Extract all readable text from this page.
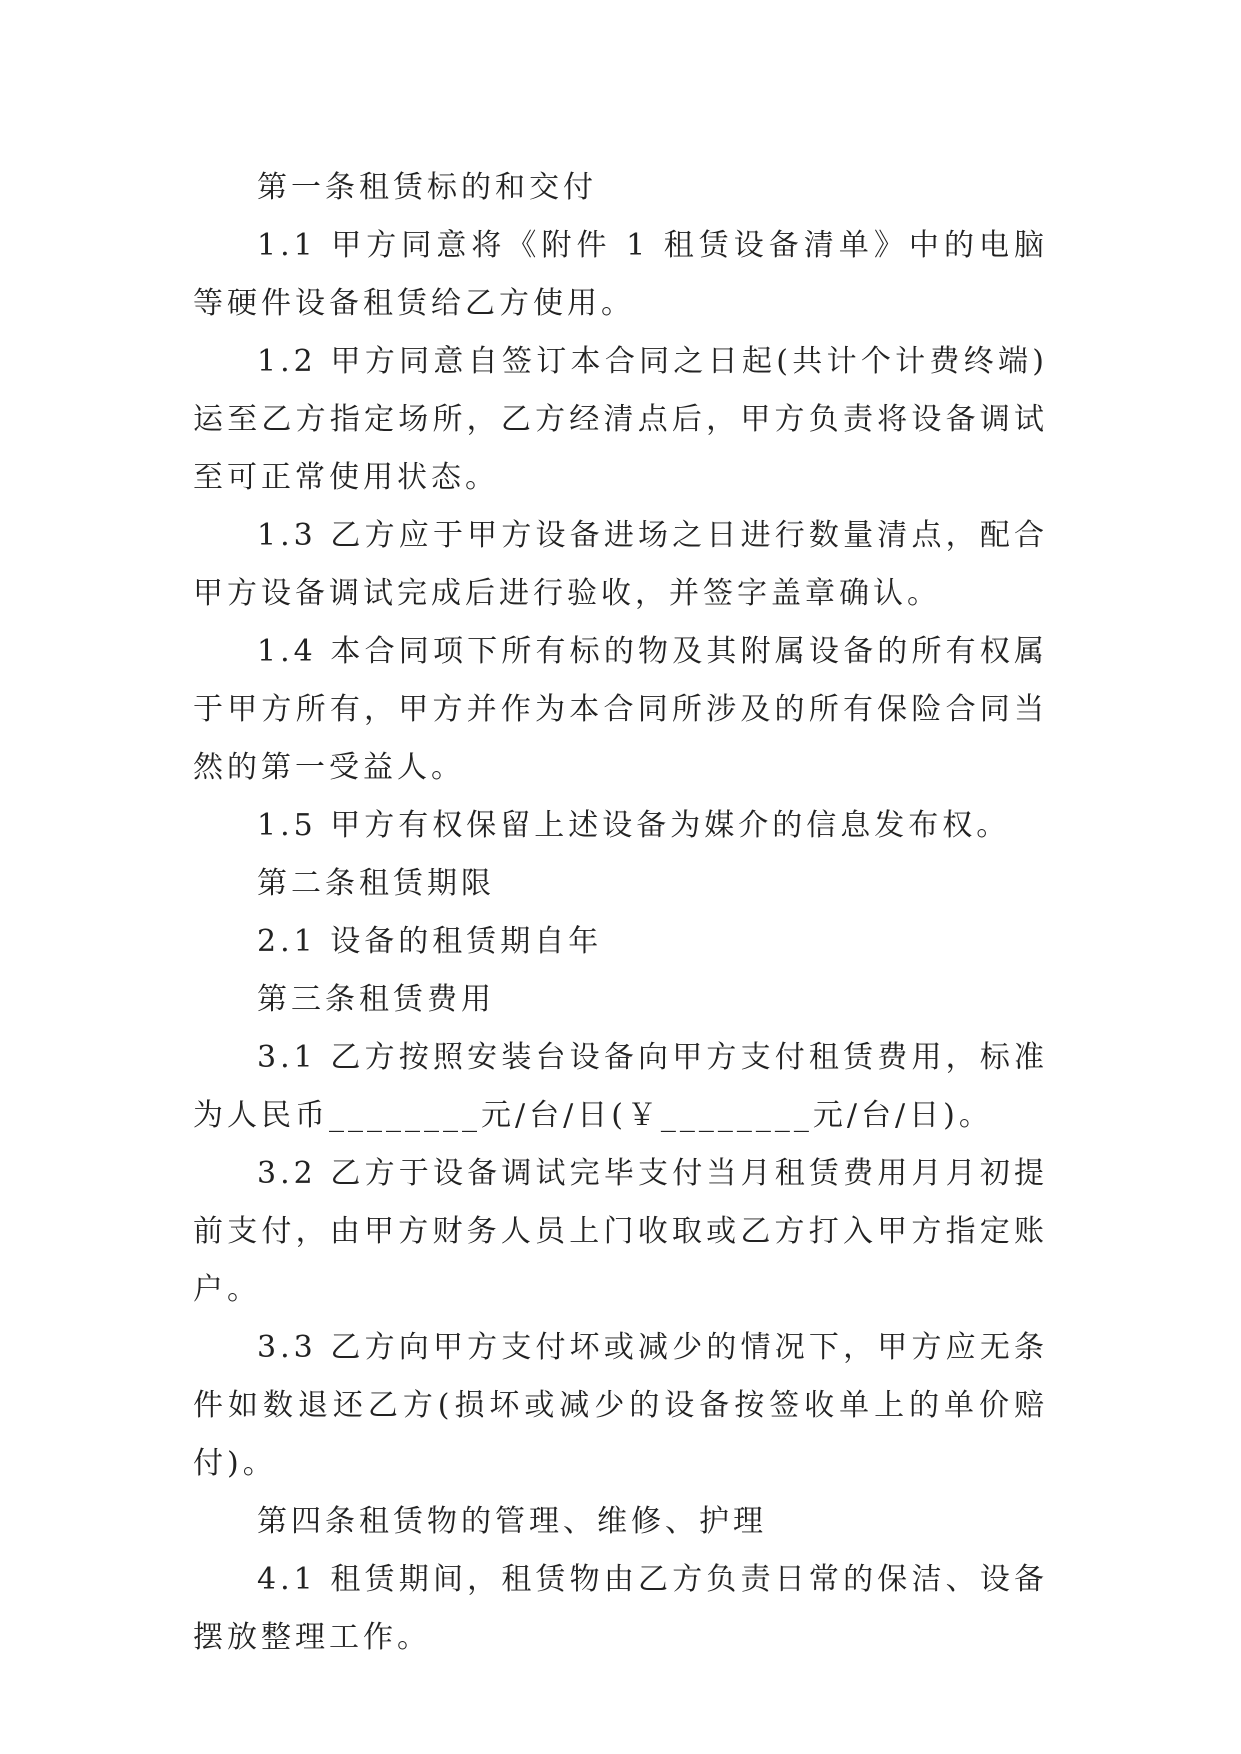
第一条租赁标的和交付

1.1 甲方同意将《附件 1 租赁设备清单》中的电脑等硬件设备租赁给乙方使用。

1.2 甲方同意自签订本合同之日起(共计个计费终端)运至乙方指定场所，乙方经清点后，甲方负责将设备调试至可正常使用状态。

1.3 乙方应于甲方设备进场之日进行数量清点，配合甲方设备调试完成后进行验收，并签字盖章确认。

1.4 本合同项下所有标的物及其附属设备的所有权属于甲方所有，甲方并作为本合同所涉及的所有保险合同当然的第一受益人。

1.5 甲方有权保留上述设备为媒介的信息发布权。

第二条租赁期限

2.1 设备的租赁期自年

第三条租赁费用

3.1 乙方按照安装台设备向甲方支付租赁费用，标准为人民币________元/台/日(￥________元/台/日)。

3.2 乙方于设备调试完毕支付当月租赁费用月月初提前支付，由甲方财务人员上门收取或乙方打入甲方指定账户。

3.3 乙方向甲方支付坏或减少的情况下，甲方应无条件如数退还乙方(损坏或减少的设备按签收单上的单价赔付)。

第四条租赁物的管理、维修、护理

4.1 租赁期间，租赁物由乙方负责日常的保洁、设备摆放整理工作。
